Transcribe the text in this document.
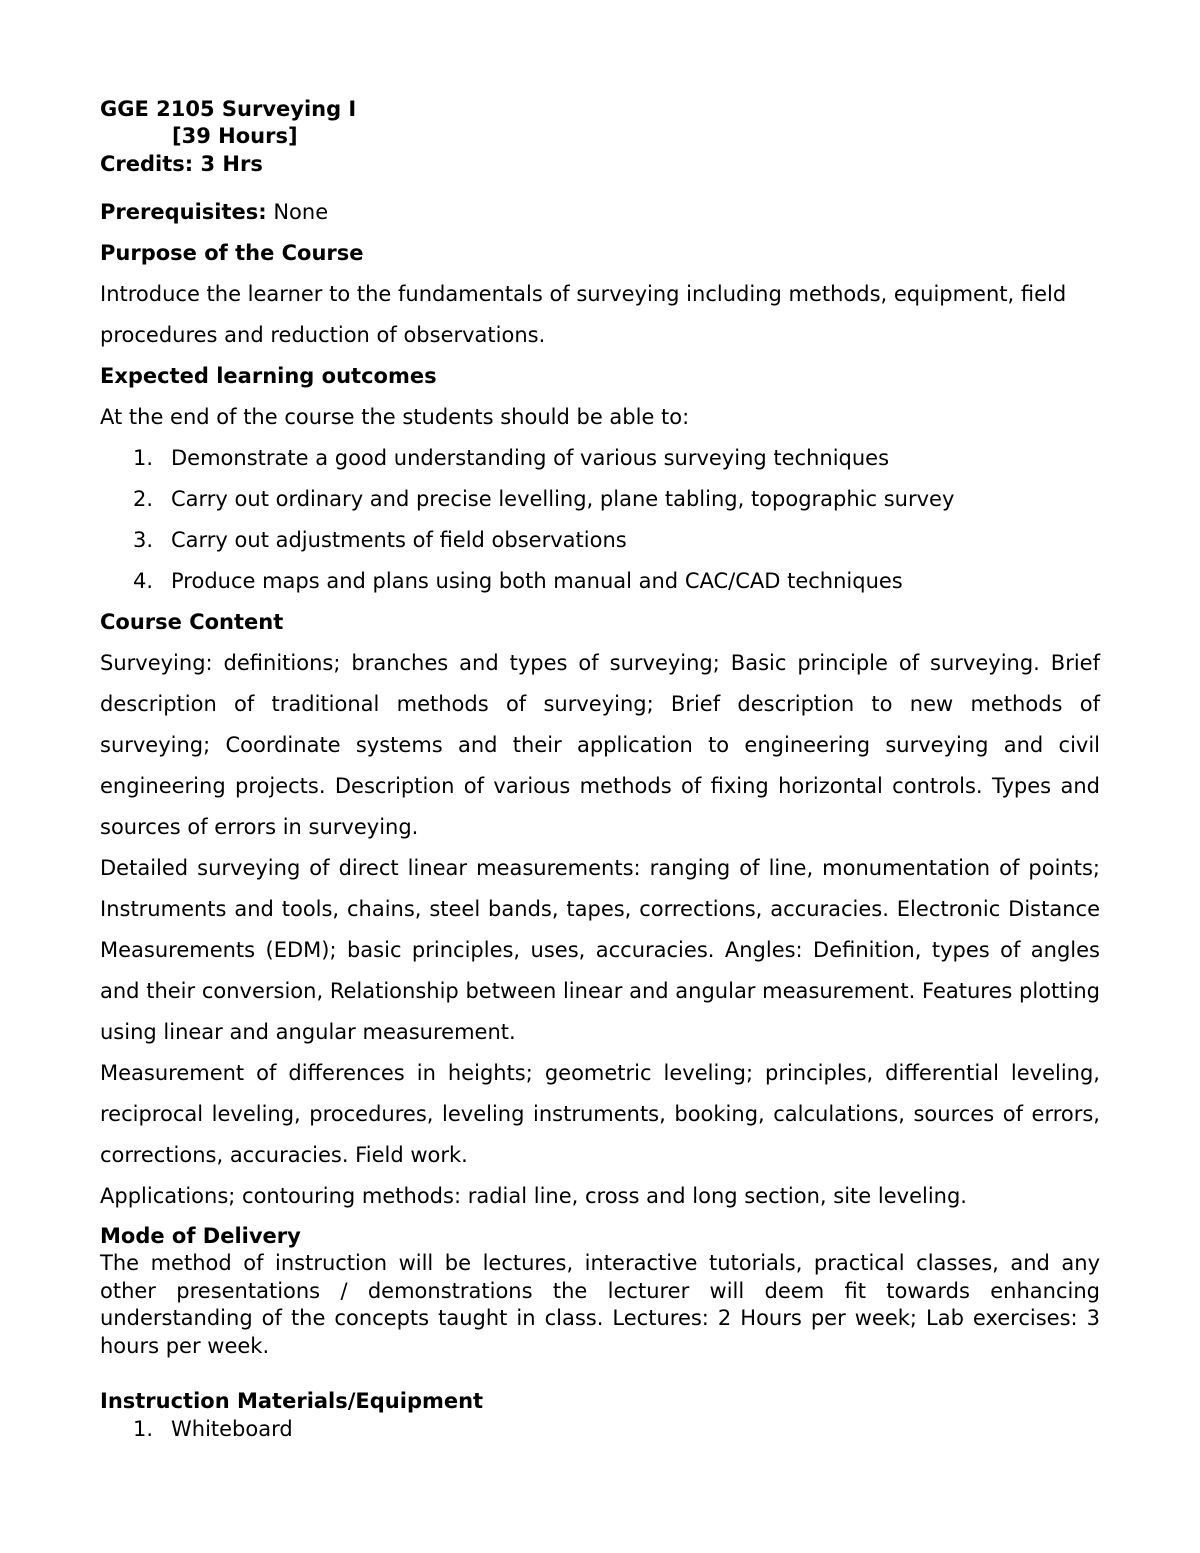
GGE 2105 Surveying I
[39 Hours]
Credits: 3 Hrs
Prerequisites: None
Purpose of the Course

Introduce the learner to the fundamentals of surveying including methods, equipment, field procedures and reduction of observations.

Expected learning outcomes

At the end of the course the students should be able to:

1. Demonstrate a good understanding of various surveying techniques
2. Carry out ordinary and precise levelling, plane tabling, topographic survey
3. Carry out adjustments of field observations
4. Produce maps and plans using both manual and CAC/CAD techniques
Course Content

Surveying: definitions; branches and types of surveying; Basic principle of surveying. Brief description of traditional methods of surveying; Brief description to new methods of surveying; Coordinate systems and their application to engineering surveying and civil engineering projects. Description of various methods of fixing horizontal controls. Types and sources of errors in surveying.

Detailed surveying of direct linear measurements: ranging of line, monumentation of points; Instruments and tools, chains, steel bands, tapes, corrections, accuracies. Electronic Distance Measurements (EDM); basic principles, uses, accuracies. Angles: Definition, types of angles and their conversion, Relationship between linear and angular measurement. Features plotting using linear and angular measurement.

Measurement of differences in heights; geometric leveling; principles, differential leveling, reciprocal leveling, procedures, leveling instruments, booking, calculations, sources of errors, corrections, accuracies. Field work.

Applications; contouring methods: radial line, cross and long section, site leveling.

Mode of Delivery

The method of instruction will be lectures, interactive tutorials, practical classes, and any other presentations / demonstrations the lecturer will deem fit towards enhancing understanding of the concepts taught in class. Lectures: 2 Hours per week; Lab exercises: 3 hours per week.

Instruction Materials/Equipment
1. Whiteboard
